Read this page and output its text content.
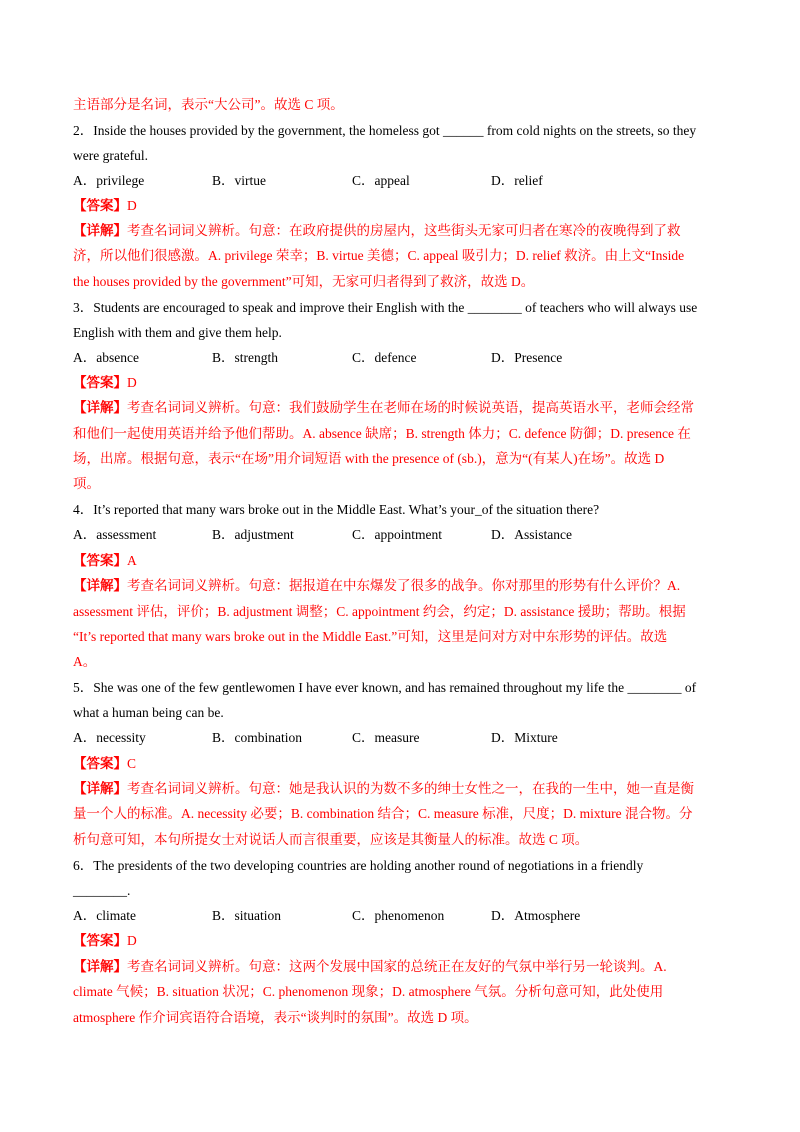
主语部分是名词，表示“大公司”。故选 C 项。
2．Inside the houses provided by the government, the homeless got ______ from cold nights on the streets, so they
were grateful.
A．privilege	B．virtue	C．appeal	D．relief
【答案】D
【详解】考查名词词义辨析。句意：在政府提供的房屋内，这些街头无家可归者在寒冷的夜晚得到了救
济，所以他们很感激。A. privilege 荣幸；B. virtue 美德；C. appeal 吸引力；D. relief 救济。由上文“Inside
the houses provided by the government”可知，无家可归者得到了救济，故选 D。
3．Students are encouraged to speak and improve their English with the ________ of teachers who will always use
English with them and give them help.
A．absence	B．strength	C．defence	D．Presence
【答案】D
【详解】考查名词词义辨析。句意：我们鼓励学生在老师在场的时候说英语，提高英语水平，老师会经常
和他们一起使用英语并给予他们帮助。A. absence 缺席；B. strength 体力；C. defence 防御；D. presence 在
场，出席。根据句意，表示“在场”用介词短语 with the presence of (sb.)，意为“(有某人)在场”。故选 D
项。
4．It’s reported that many wars broke out in the Middle East. What’s your_of the situation there?
A．assessment	B．adjustment	C．appointment	D．Assistance
【答案】A
【详解】考查名词词义辨析。句意：据报道在中东爆发了很多的战争。你对那里的形势有什么评价？A.
assessment 评估，评价；B. adjustment 调整；C. appointment 约会，约定；D. assistance 援助；帮助。根据
“It’s reported that many wars broke out in the Middle East.”可知，这里是问对方对中东形势的评估。故选
A。
5．She was one of the few gentlewomen I have ever known, and has remained throughout my life the ________ of
what a human being can be.
A．necessity	B．combination	C．measure	D．Mixture
【答案】C
【详解】考查名词词义辨析。句意：她是我认识的为数不多的绅士女性之一，在我的一生中，她一直是衡
量一个人的标准。A. necessity 必要；B. combination 结合；C. measure 标准，尺度；D. mixture 混合物。分
析句意可知，本句所提女士对说话人而言很重要，应该是其衡量人的标准。故选 C 项。
6．The presidents of the two developing countries are holding another round of negotiations in a friendly
________.
A．climate	B．situation	C．phenomenon	D．Atmosphere
【答案】D
【详解】考查名词词义辨析。句意：这两个发展中国家的总统正在友好的气氛中举行另一轮谈判。A.
climate 气候；B. situation 状况；C. phenomenon 现象；D. atmosphere 气氛。分析句意可知，此处使用
atmosphere 作介词宾语符合语境，表示“谈判时的氛围”。故选 D 项。
